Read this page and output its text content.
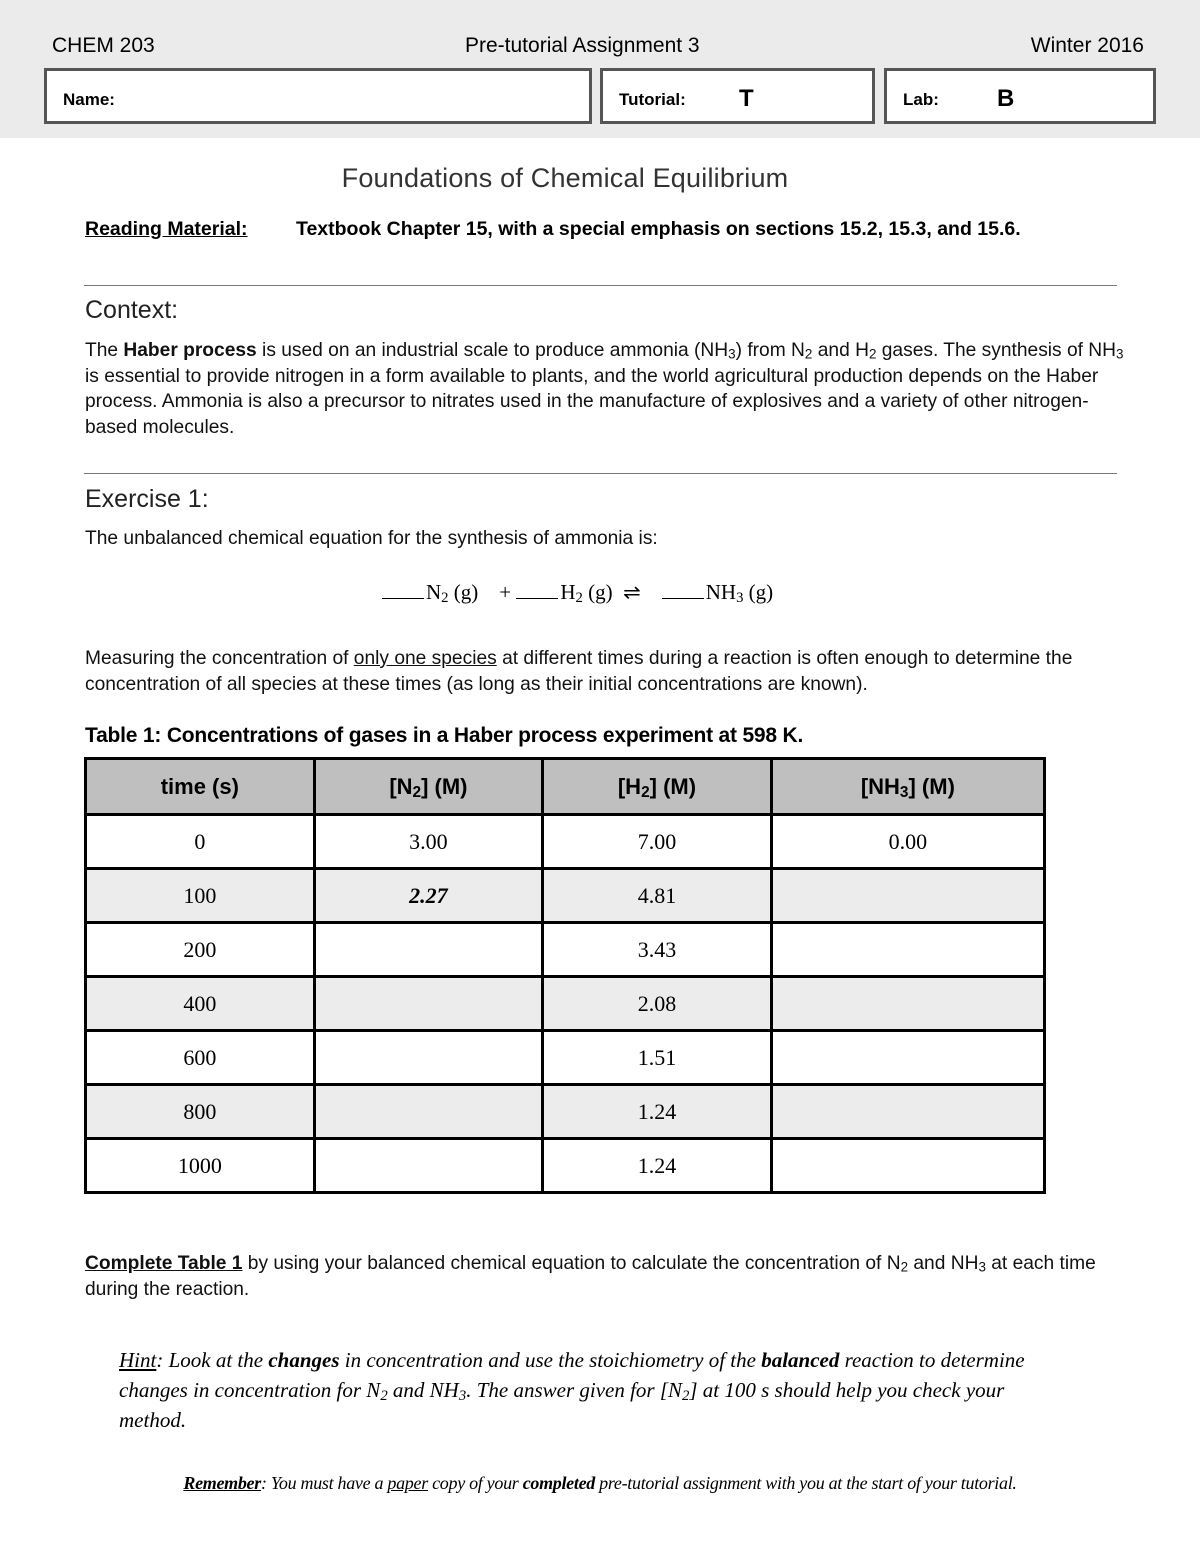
CHEM 203	Pre-tutorial Assignment 3	Winter 2016
Name:	Tutorial: T	Lab: B
Foundations of Chemical Equilibrium
Reading Material: Textbook Chapter 15, with a special emphasis on sections 15.2, 15.3, and 15.6.
Context:
The Haber process is used on an industrial scale to produce ammonia $(NH_3)$ from $N_2$ and $H_2$ gases. The synthesis of $NH_3$ is essential to provide nitrogen in a form available to plants, and the world agricultural production depends on the Haber process. Ammonia is also a precursor to nitrates used in the manufacture of explosives and a variety of other nitrogen-based molecules.
Exercise 1:
The unbalanced chemical equation for the synthesis of ammonia is:
$N_2$ $(g) + H_2$ (g) ⇌	$NH_3$ (g)
Measuring the concentration of only one species at different times during a reaction is often enough to determine the concentration of all species at these times (as long as their initial concentrations are known).
Table 1: Concentrations of gases in a Haber process experiment at 598 K.
time (s)	$[N_2]$ (M)	$[H_2]$ (M)	$[NH_3]$ (M)
0	3.00	7.00	0.00
100	2.27	4.81	
200		3.43	
400		2.08	
600		1.51	
800		1.24	
1000		1.24	
Complete Table 1 by using your balanced chemical equation to calculate the concentration of $N_2$ and $NH_3$ at each time during the reaction.
Hint: Look at the changes in concentration and use the stoichiometry of the balanced reaction to determine changes in concentration for $N_2$ and $NH_3$. The answer given for $[N_2]$ at 100 s should help you check your method.
Remember: You must have a paper copy of your completed pre-tutorial assignment with you at the start of your tutorial.
